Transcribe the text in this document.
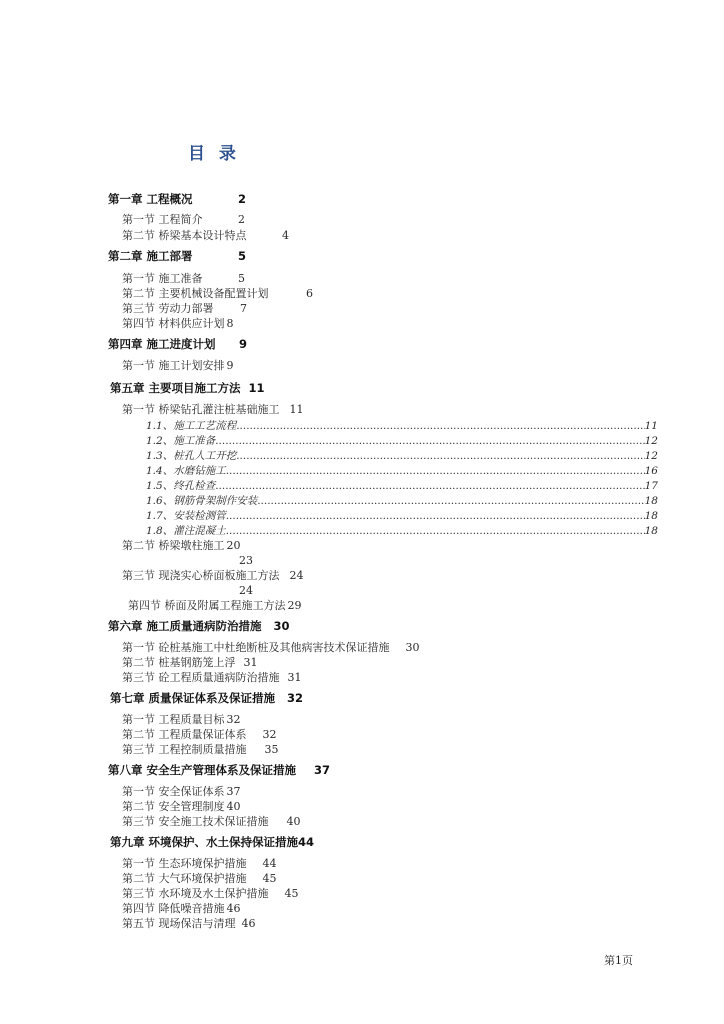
目 录
第一章 工程概况	2
第一节 工程简介	2
第二节 桥梁基本设计特点	4
第二章 施工部署	5
第一节 施工准备	5
第二节 主要机械设备配置计划	6
第三节 劳动力部署 7
第四节 材料供应计划 8
第四章 施工进度计划 9
第一节 施工计划安排 9
第五章 主要项目施工方法 11
第一节 桥梁钻孔灌注桩基础施工 11
1.1、施工工艺流程 .....	11
1.2、施工准备 .....	12
1.3、桩孔人工开挖 .....	12
1.4、水磨钻施工 .....	16
1.5、终孔检查 .....	17
1.6、钢筋骨架制作安装 .....	18
1.7、安装检测管 .....	18
1.8、灌注混凝土 .....	18
第二节 桥梁墩柱施工 20
23
第三节 现浇实心桥面板施工方法 24
24
第四节 桥面及附属工程施工方法 29
第六章 施工质量通病防治措施 30
第一节 砼桩基施工中杜绝断桩及其他病害技术保证措施 30
第二节 桩基钢筋笼上浮 31
第三节 砼工程质量通病防治措施 31
第七章 质量保证体系及保证措施 32
第一节 工程质量目标 32
第二节 工程质量保证体系 32
第三节 工程控制质量措施 35
第八章 安全生产管理体系及保证措施 37
第一节 安全保证体系 37
第二节 安全管理制度 40
第三节 安全施工技术保证措施 40
第九章 环境保护、水土保持保证措施44
第一节 生态环境保护措施 44
第二节 大气环境保护措施 45
第三节 水环境及水土保护措施 45
第四节 降低噪音措施 46
第五节 现场保洁与清理 46
第1页
